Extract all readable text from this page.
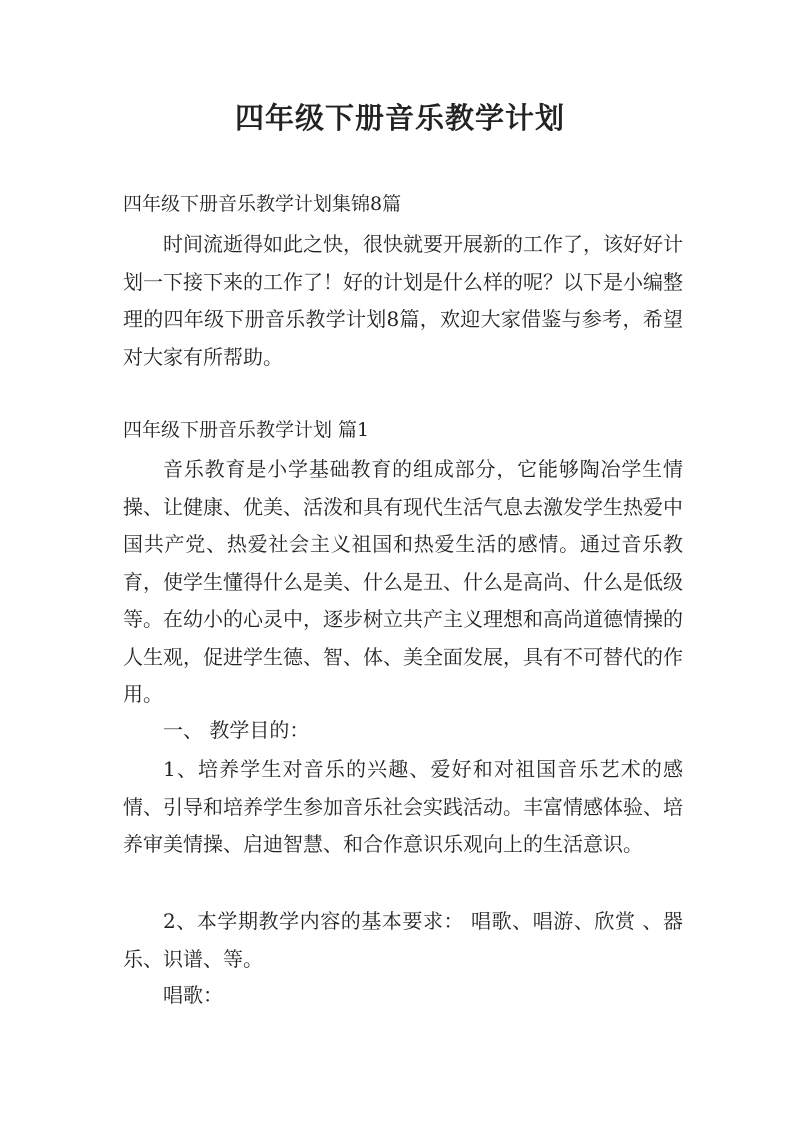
四年级下册音乐教学计划
四年级下册音乐教学计划集锦8篇

时间流逝得如此之快，很快就要开展新的工作了，该好好计划一下接下来的工作了！好的计划是什么样的呢？以下是小编整理的四年级下册音乐教学计划8篇，欢迎大家借鉴与参考，希望对大家有所帮助。

四年级下册音乐教学计划 篇1

音乐教育是小学基础教育的组成部分，它能够陶冶学生情操、让健康、优美、活泼和具有现代生活气息去激发学生热爱中国共产党、热爱社会主义祖国和热爱生活的感情。通过音乐教育，使学生懂得什么是美、什么是丑、什么是高尚、什么是低级等。在幼小的心灵中，逐步树立共产主义理想和高尚道德情操的人生观，促进学生德、智、体、美全面发展，具有不可替代的作用。

一、 教学目的：

1、培养学生对音乐的兴趣、爱好和对祖国音乐艺术的感情、引导和培养学生参加音乐社会实践活动。丰富情感体验、培养审美情操、启迪智慧、和合作意识乐观向上的生活意识。

2、本学期教学内容的基本要求： 唱歌、唱游、欣赏 、器乐、识谱、等。

唱歌：
